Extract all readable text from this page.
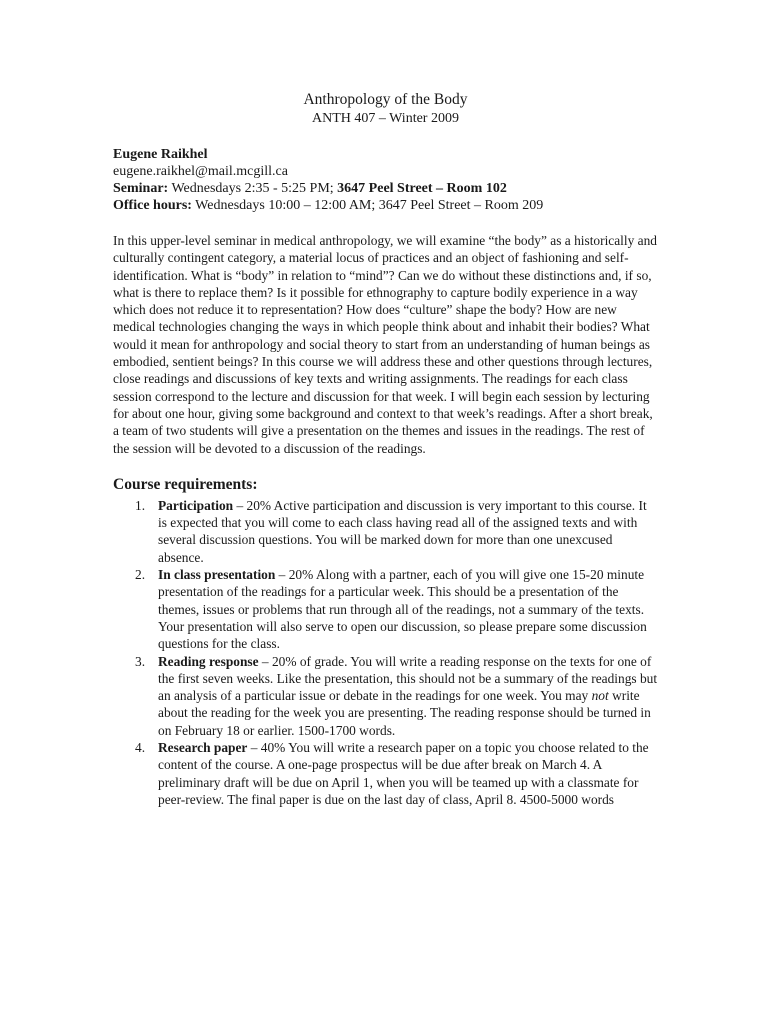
Anthropology of the Body

ANTH 407 – Winter 2009

Eugene Raikhel

eugene.raikhel@mail.mcgill.ca

Seminar: Wednesdays 2:35 - 5:25 PM; 3647 Peel Street – Room 102

Office hours: Wednesdays 10:00 – 12:00 AM; 3647 Peel Street – Room 209

In this upper-level seminar in medical anthropology, we will examine “the body” as a historically and culturally contingent category, a material locus of practices and an object of fashioning and self-identification. What is “body” in relation to “mind”? Can we do without these distinctions and, if so, what is there to replace them? Is it possible for ethnography to capture bodily experience in a way which does not reduce it to representation? How does “culture” shape the body? How are new medical technologies changing the ways in which people think about and inhabit their bodies? What would it mean for anthropology and social theory to start from an understanding of human beings as embodied, sentient beings? In this course we will address these and other questions through lectures, close readings and discussions of key texts and writing assignments. The readings for each class session correspond to the lecture and discussion for that week. I will begin each session by lecturing for about one hour, giving some background and context to that week’s readings. After a short break, a team of two students will give a presentation on the themes and issues in the readings. The rest of the session will be devoted to a discussion of the readings.

Course requirements:

1. Participation – 20% Active participation and discussion is very important to this course. It is expected that you will come to each class having read all of the assigned texts and with several discussion questions. You will be marked down for more than one unexcused absence.
2. In class presentation – 20% Along with a partner, each of you will give one 15-20 minute presentation of the readings for a particular week. This should be a presentation of the themes, issues or problems that run through all of the readings, not a summary of the texts. Your presentation will also serve to open our discussion, so please prepare some discussion questions for the class.
3. Reading response – 20% of grade. You will write a reading response on the texts for one of the first seven weeks. Like the presentation, this should not be a summary of the readings but an analysis of a particular issue or debate in the readings for one week. You may not write about the reading for the week you are presenting. The reading response should be turned in on February 18 or earlier. 1500-1700 words.
4. Research paper – 40% You will write a research paper on a topic you choose related to the content of the course. A one-page prospectus will be due after break on March 4. A preliminary draft will be due on April 1, when you will be teamed up with a classmate for peer-review. The final paper is due on the last day of class, April 8. 4500-5000 words
